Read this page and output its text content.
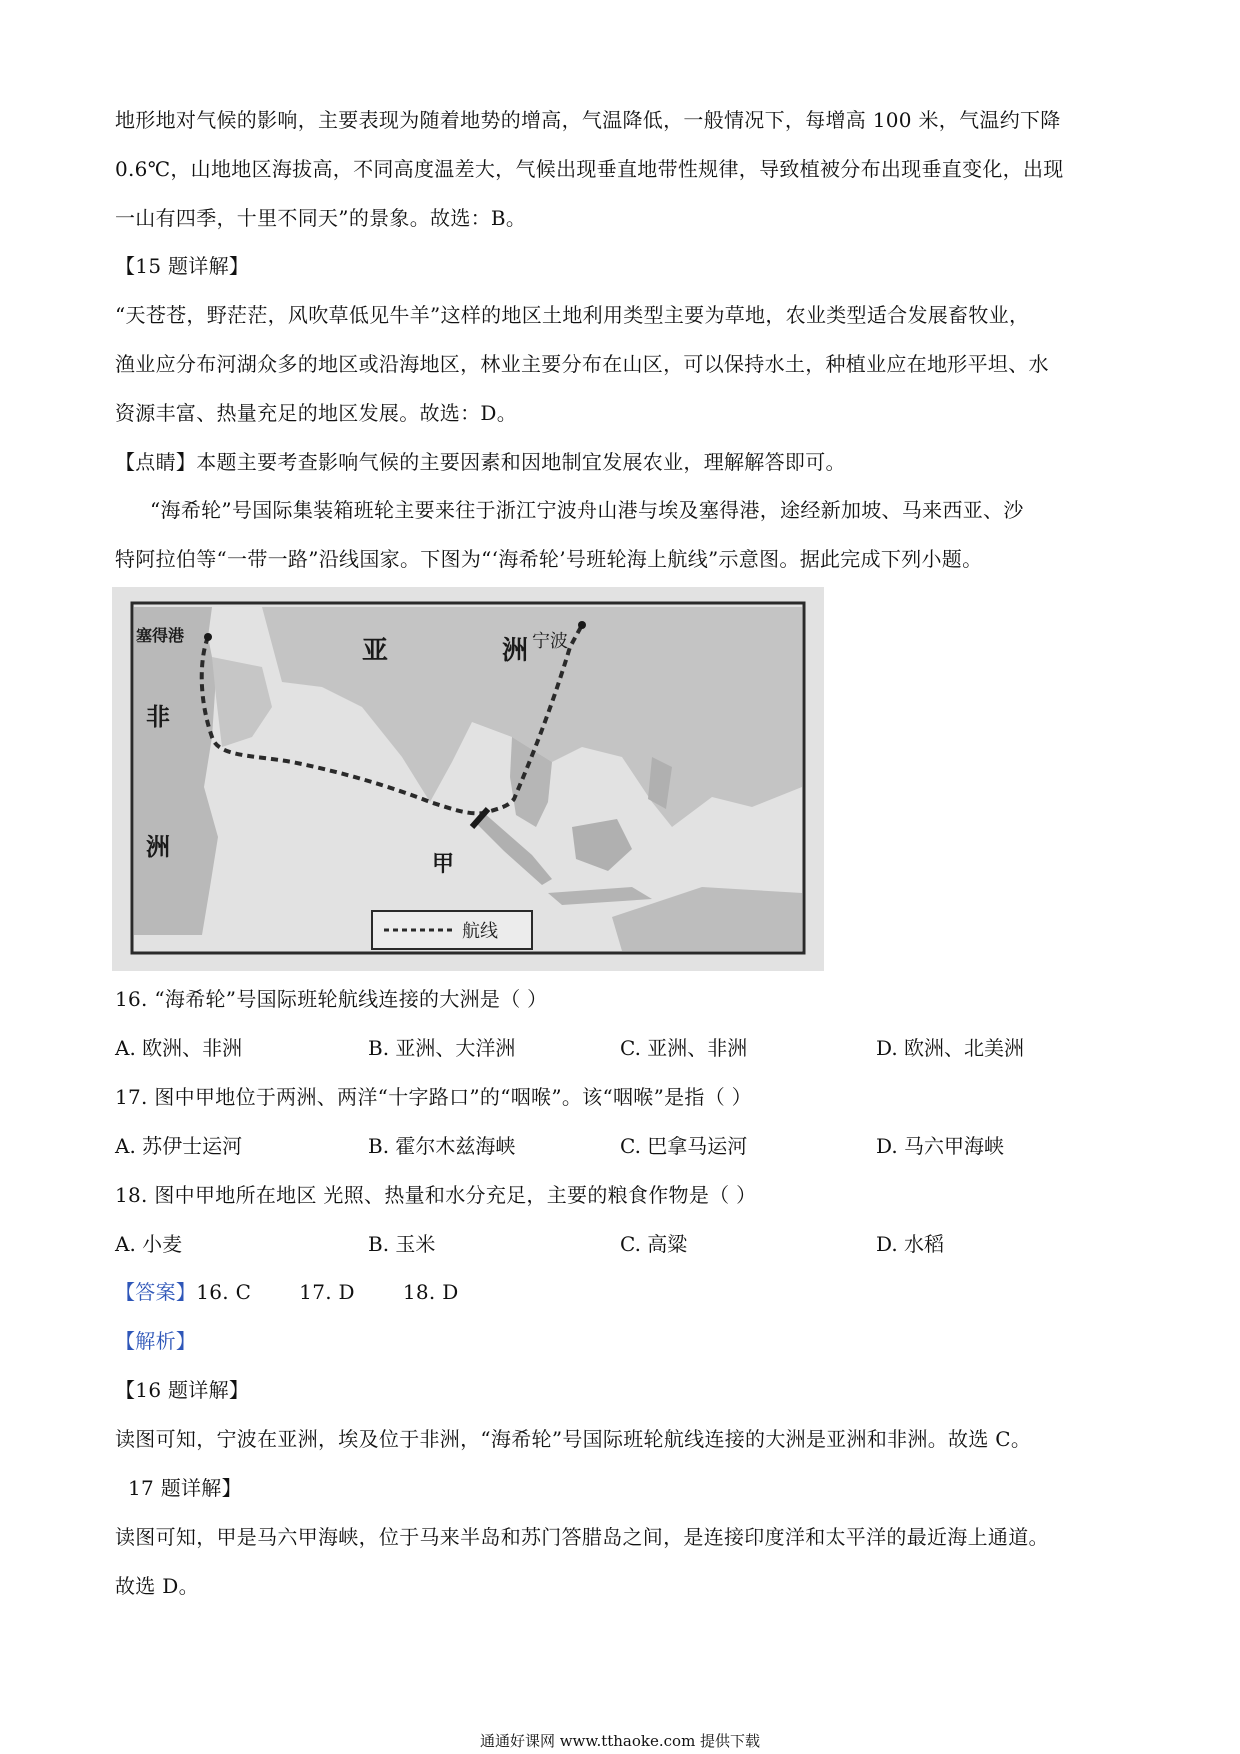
地形地对气候的影响，主要表现为随着地势的增高，气温降低，一般情况下，每增高 100 米，气温约下降
0.6℃，山地地区海拔高，不同高度温差大，气候出现垂直地带性规律，导致植被分布出现垂直变化，出现
一山有四季，十里不同天”的景象。故选：B。
【15 题详解】
“天苍苍，野茫茫，风吹草低见牛羊”这样的地区土地利用类型主要为草地，农业类型适合发展畜牧业，
渔业应分布河湖众多的地区或沿海地区，林业主要分布在山区，可以保持水土，种植业应在地形平坦、水
资源丰富、热量充足的地区发展。故选：D。
【点睛】本题主要考查影响气候的主要因素和因地制宜发展农业，理解解答即可。
“海希轮”号国际集装箱班轮主要来往于浙江宁波舟山港与埃及塞得港，途经新加坡、马来西亚、沙
特阿拉伯等“一带一路”沿线国家。下图为“‘海希轮’号班轮海上航线”示意图。据此完成下列小题。
塞得港	宁波
亚	洲
非
洲
甲
航线
16. “海希轮”号国际班轮航线连接的大洲是（ ）
A. 欧洲、非洲	B. 亚洲、大洋洲	C. 亚洲、非洲	D. 欧洲、北美洲
17. 图中甲地位于两洲、两洋“十字路口”的“咽喉”。该“咽喉”是指（ ）
A. 苏伊士运河	B. 霍尔木兹海峡	C. 巴拿马运河	D. 马六甲海峡
18. 图中甲地所在地区 光照、热量和水分充足，主要的粮食作物是（ ）
A. 小麦	B. 玉米	C. 高粱	D. 水稻
【答案】16. C 17. D 18. D
【解析】
【16 题详解】
读图可知，宁波在亚洲，埃及位于非洲，“海希轮”号国际班轮航线连接的大洲是亚洲和非洲。故选 C。
17 题详解】
读图可知，甲是马六甲海峡，位于马来半岛和苏门答腊岛之间，是连接印度洋和太平洋的最近海上通道。
故选 D。
通通好课网 www.tthaoke.com 提供下载
